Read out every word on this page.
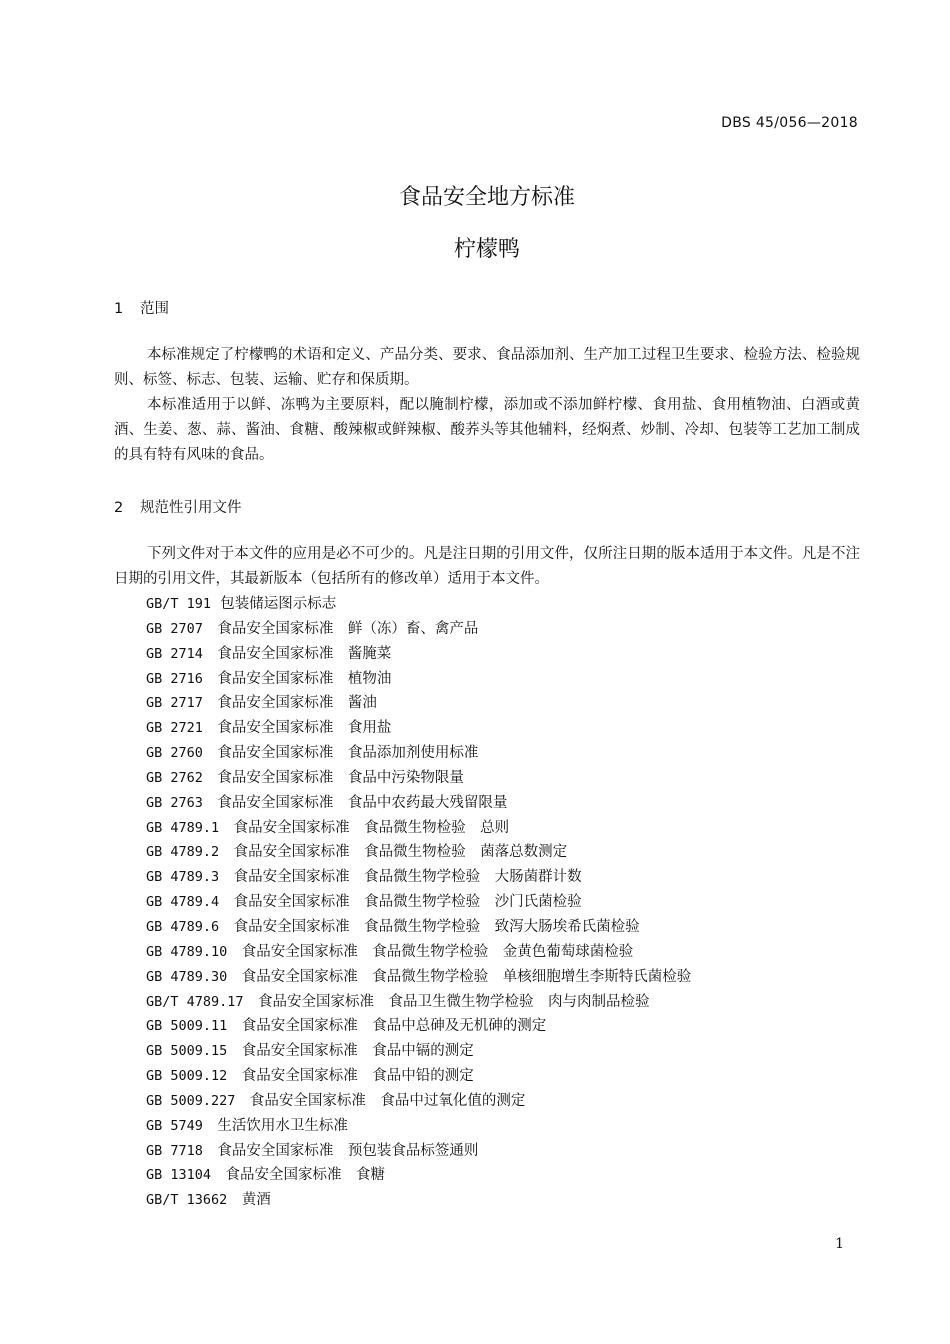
DBS 45/056—2018
食品安全地方标准
柠檬鸭
1 范围

本标准规定了柠檬鸭的术语和定义、产品分类、要求、食品添加剂、生产加工过程卫生要求、检验方法、检验规则、标签、标志、包装、运输、贮存和保质期。

本标准适用于以鲜、冻鸭为主要原料，配以腌制柠檬，添加或不添加鲜柠檬、食用盐、食用植物油、白酒或黄酒、生姜、葱、蒜、酱油、食糖、酸辣椒或鲜辣椒、酸荞头等其他辅料，经焖煮、炒制、冷却、包装等工艺加工制成的具有特有风味的食品。

2 规范性引用文件

下列文件对于本文件的应用是必不可少的。凡是注日期的引用文件，仅所注日期的版本适用于本文件。凡是不注日期的引用文件，其最新版本（包括所有的修改单）适用于本文件。

GB/T 191 包装储运图示标志
GB 2707　 食品安全国家标准　鲜（冻）畜、禽产品
GB 2714　 食品安全国家标准　酱腌菜
GB 2716　 食品安全国家标准　植物油
GB 2717　 食品安全国家标准　酱油
GB 2721　 食品安全国家标准　食用盐
GB 2760　 食品安全国家标准　食品添加剂使用标准
GB 2762　 食品安全国家标准　食品中污染物限量
GB 2763　 食品安全国家标准　食品中农药最大残留限量
GB 4789.1　 食品安全国家标准　食品微生物检验　总则
GB 4789.2　 食品安全国家标准　食品微生物检验　菌落总数测定
GB 4789.3　 食品安全国家标准　食品微生物学检验　大肠菌群计数
GB 4789.4　 食品安全国家标准　食品微生物学检验　沙门氏菌检验
GB 4789.6　 食品安全国家标准　食品微生物学检验　致泻大肠埃希氏菌检验
GB 4789.10　 食品安全国家标准　食品微生物学检验　金黄色葡萄球菌检验
GB 4789.30　 食品安全国家标准　食品微生物学检验　单核细胞增生李斯特氏菌检验
GB/T 4789.17　 食品安全国家标准　食品卫生微生物学检验　肉与肉制品检验
GB 5009.11　 食品安全国家标准　食品中总砷及无机砷的测定
GB 5009.15　 食品安全国家标准　食品中镉的测定
GB 5009.12　 食品安全国家标准　食品中铅的测定
GB 5009.227　 食品安全国家标准　食品中过氧化值的测定
GB 5749　 生活饮用水卫生标准
GB 7718　 食品安全国家标准　预包装食品标签通则
GB 13104　 食品安全国家标准　食糖
GB/T 13662　 黄酒
1
